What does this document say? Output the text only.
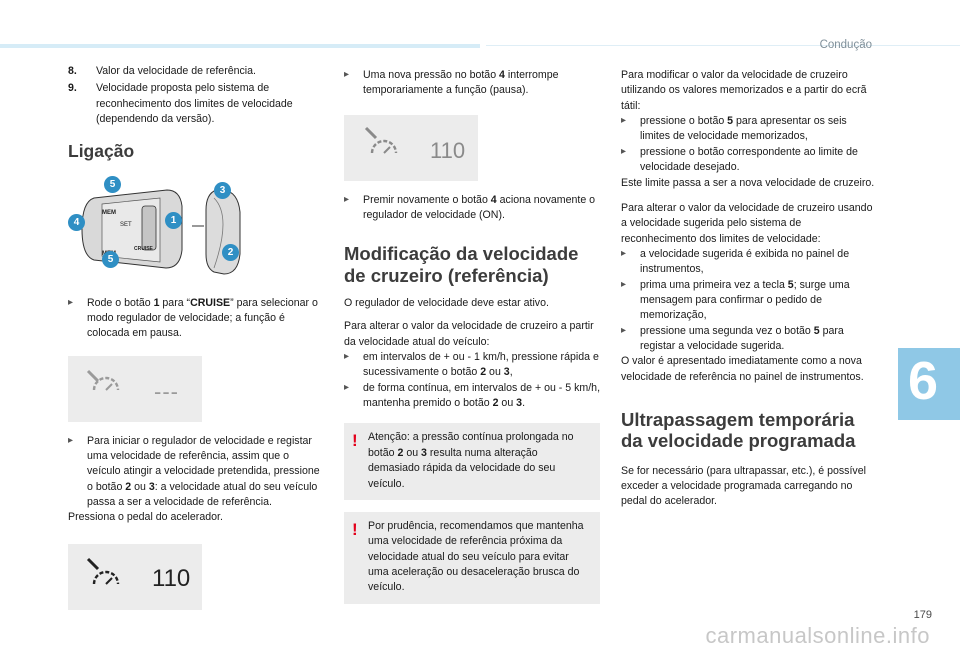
Condução
8.	Valor da velocidade de referência.
9.	Velocidade proposta pelo sistema de reconhecimento dos limites de velocidade (dependendo da versão).
Ligação
MEM
SET
CRUISE
5
3
4	1
5
2
▸	Rode o botão 1 para “CRUISE” para selecionar o modo regulador de velocidade; a função é colocada em pausa.
---
▸	Para iniciar o regulador de velocidade e registar uma velocidade de referência, assim que o veículo atingir a velocidade pretendida, pressione o botão 2 ou 3: a velocidade atual do seu veículo passa a ser a velocidade de referência.
Pressiona o pedal do acelerador.
110
▸	Uma nova pressão no botão 4 interrompe temporariamente a função (pausa).
110
▸	Premir novamente o botão 4 aciona novamente o regulador de velocidade (ON).
Modificação da velocidade de cruzeiro (referência)
O regulador de velocidade deve estar ativo.
Para alterar o valor da velocidade de cruzeiro a partir da velocidade atual do veículo:
▸	em intervalos de + ou - 1 km/h, pressione rápida e sucessivamente o botão 2 ou 3,
▸	de forma contínua, em intervalos de + ou - 5 km/h, mantenha premido o botão 2 ou 3.
! Atenção: a pressão contínua prolongada no botão 2 ou 3 resulta numa alteração demasiado rápida da velocidade do seu veículo.
! Por prudência, recomendamos que mantenha uma velocidade de referência próxima da velocidade atual do seu veículo para evitar uma aceleração ou desaceleração brusca do veículo.
Para modificar o valor da velocidade de cruzeiro utilizando os valores memorizados e a partir do ecrã tátil:
▸	pressione o botão 5 para apresentar os seis limites de velocidade memorizados,
▸	pressione o botão correspondente ao limite de velocidade desejado.
Este limite passa a ser a nova velocidade de cruzeiro.
Para alterar o valor da velocidade de cruzeiro usando a velocidade sugerida pelo sistema de reconhecimento dos limites de velocidade:
▸	a velocidade sugerida é exibida no painel de instrumentos,
▸	prima uma primeira vez a tecla 5; surge uma mensagem para confirmar o pedido de memorização,
▸	pressione uma segunda vez o botão 5 para registar a velocidade sugerida.
O valor é apresentado imediatamente como a nova velocidade de referência no painel de instrumentos.
Ultrapassagem temporária da velocidade programada
Se for necessário (para ultrapassar, etc.), é possível exceder a velocidade programada carregando no pedal do acelerador.
6
179
carmanualsonline.info
